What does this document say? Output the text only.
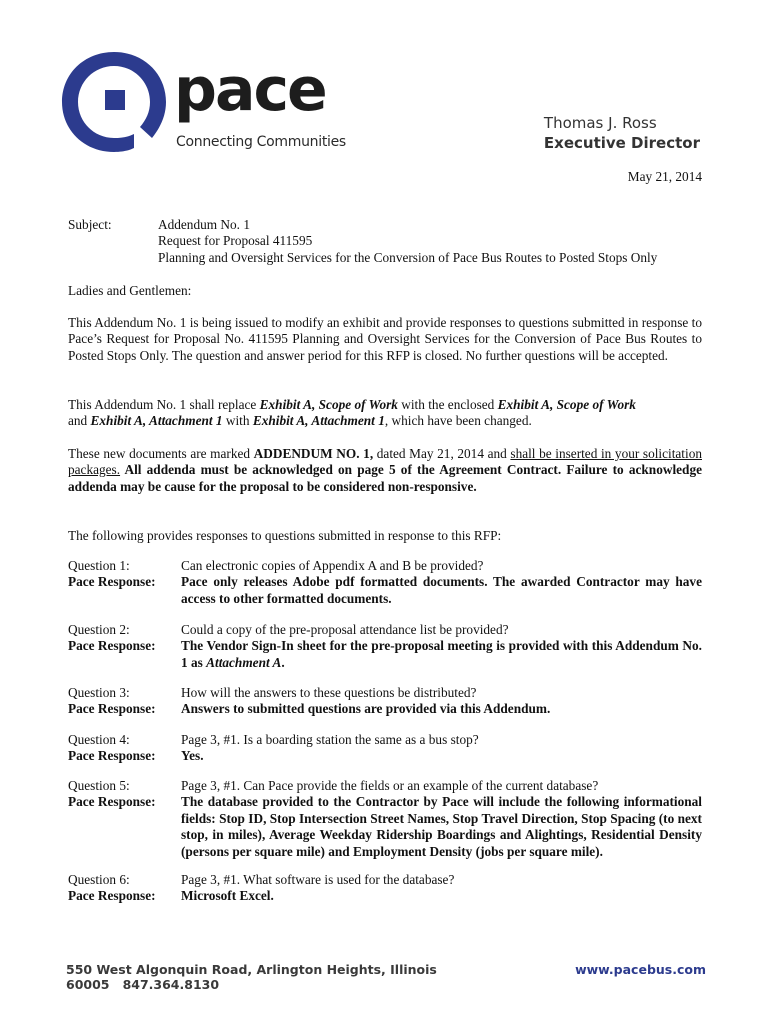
pace
Connecting Communities
Thomas J. Ross
Executive Director
May 21, 2014
Subject:	Addendum No. 1
Request for Proposal 411595
Planning and Oversight Services for the Conversion of Pace Bus Routes to Posted Stops Only
Ladies and Gentlemen:
This Addendum No. 1 is being issued to modify an exhibit and provide responses to questions submitted in response to Pace’s Request for Proposal No. 411595 Planning and Oversight Services for the Conversion of Pace Bus Routes to Posted Stops Only. The question and answer period for this RFP is closed. No further questions will be accepted.
This Addendum No. 1 shall replace Exhibit A, Scope of Work with the enclosed Exhibit A, Scope of Work
and Exhibit A, Attachment 1 with Exhibit A, Attachment 1, which have been changed.
These new documents are marked ADDENDUM NO. 1, dated May 21, 2014 and shall be inserted in your solicitation packages. All addenda must be acknowledged on page 5 of the Agreement Contract. Failure to acknowledge addenda may be cause for the proposal to be considered non-responsive.
The following provides responses to questions submitted in response to this RFP:
Question 1:	Can electronic copies of Appendix A and B be provided?
Pace Response:	Pace only releases Adobe pdf formatted documents. The awarded Contractor may have access to other formatted documents.
Question 2:	Could a copy of the pre-proposal attendance list be provided?
Pace Response:	The Vendor Sign-In sheet for the pre-proposal meeting is provided with this Addendum No. 1 as Attachment A.
Question 3:	How will the answers to these questions be distributed?
Pace Response:	Answers to submitted questions are provided via this Addendum.
Question 4:	Page 3, #1. Is a boarding station the same as a bus stop?
Pace Response:	Yes.
Question 5:	Page 3, #1. Can Pace provide the fields or an example of the current database?
Pace Response:	The database provided to the Contractor by Pace will include the following informational fields: Stop ID, Stop Intersection Street Names, Stop Travel Direction, Stop Spacing (to next stop, in miles), Average Weekday Ridership Boardings and Alightings, Residential Density (persons per square mile) and Employment Density (jobs per square mile).
Question 6:	Page 3, #1. What software is used for the database?
Pace Response:	Microsoft Excel.
550 West Algonquin Road, Arlington Heights, Illinois 60005 847.364.8130
www.pacebus.com
